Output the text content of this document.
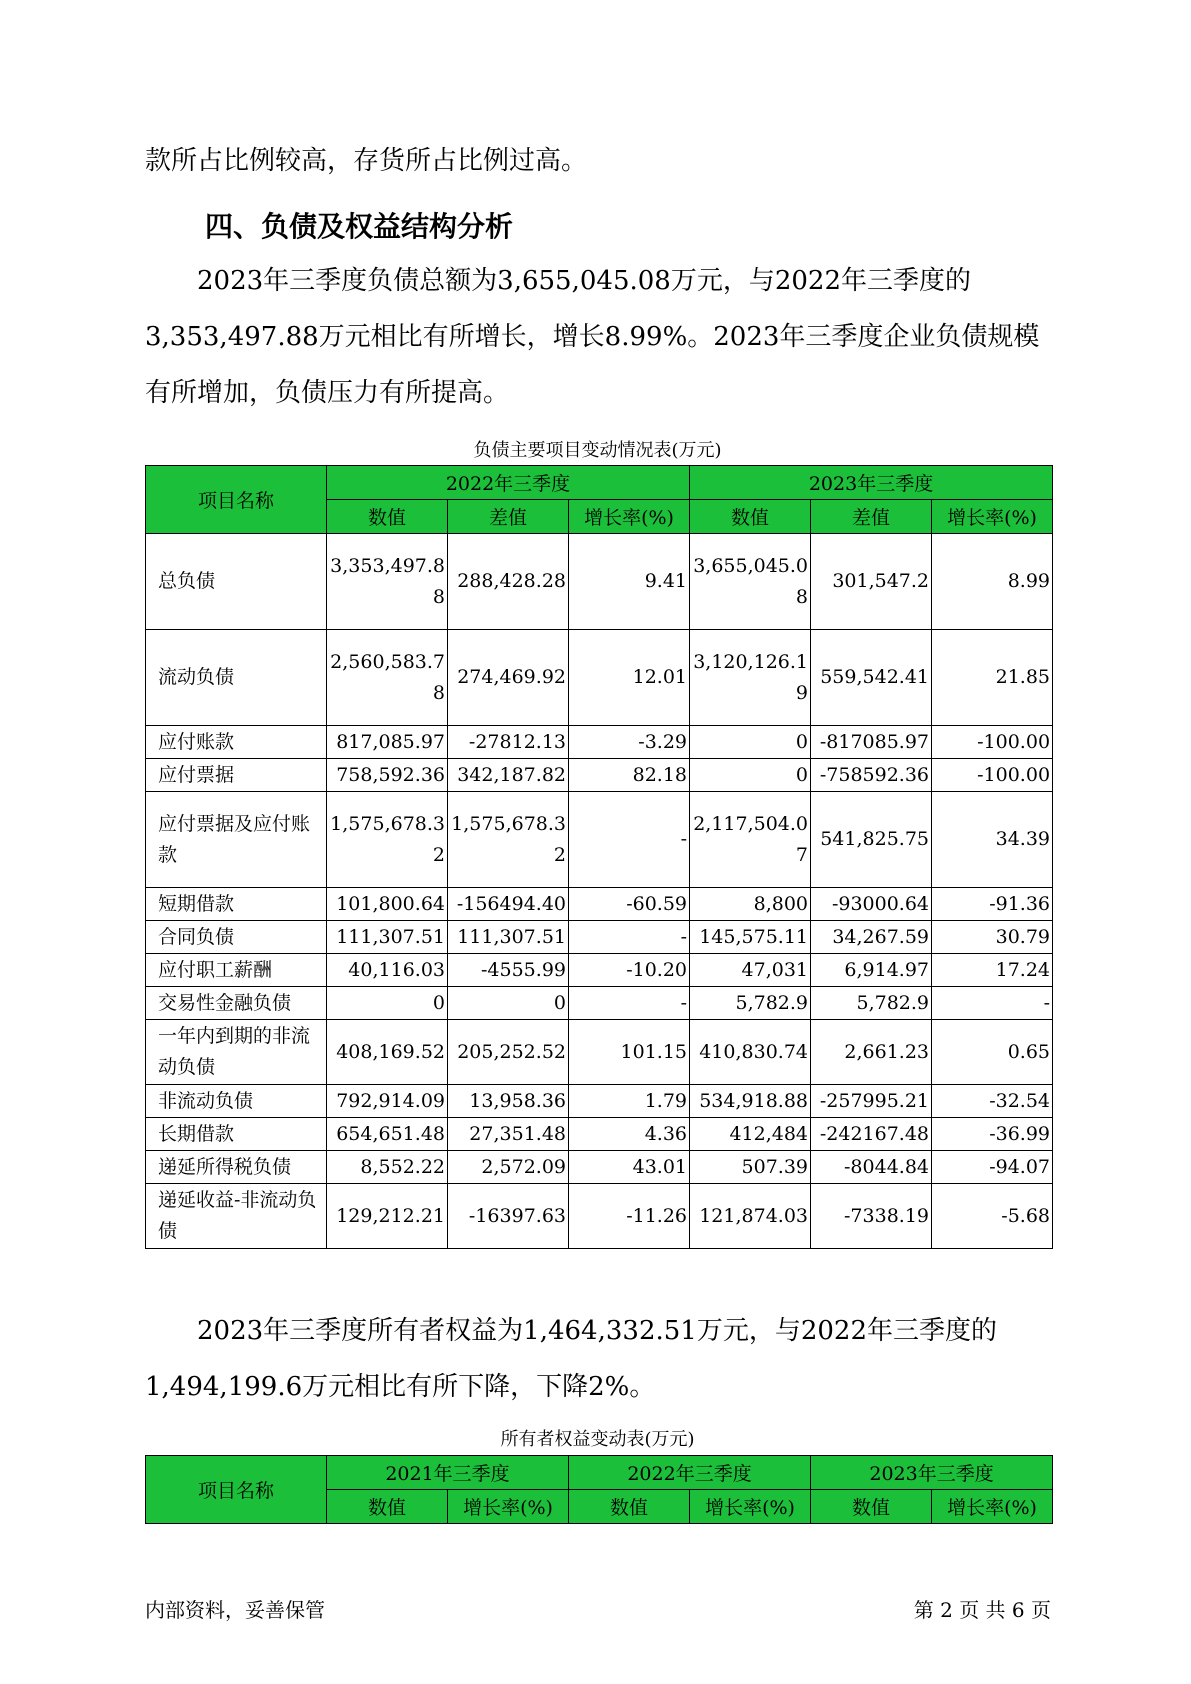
款所占比例较高，存货所占比例过高。

四、负债及权益结构分析

2023年三季度负债总额为3,655,045.08万元，与2022年三季度的3,353,497.88万元相比有所增长，增长8.99%。2023年三季度企业负债规模有所增加，负债压力有所提高。

负债主要项目变动情况表(万元)

项目名称	2022年三季度			2023年三季度		
	数值	差值	增长率(%)	数值	差值	增长率(%)
总负债	3,353,497.88	288,428.28	9.41	3,655,045.08	301,547.2	8.99
流动负债	2,560,583.78	274,469.92	12.01	3,120,126.19	559,542.41	21.85
应付账款	817,085.97	-27812.13	-3.29	0	-817085.97	-100.00
应付票据	758,592.36	342,187.82	82.18	0	-758592.36	-100.00
应付票据及应付账款	1,575,678.32	1,575,678.32	-	2,117,504.07	541,825.75	34.39
短期借款	101,800.64	-156494.40	-60.59	8,800	-93000.64	-91.36
合同负债	111,307.51	111,307.51	-	145,575.11	34,267.59	30.79
应付职工薪酬	40,116.03	-4555.99	-10.20	47,031	6,914.97	17.24
交易性金融负债	0	0	-	5,782.9	5,782.9	-
一年内到期的非流动负债	408,169.52	205,252.52	101.15	410,830.74	2,661.23	0.65
非流动负债	792,914.09	13,958.36	1.79	534,918.88	-257995.21	-32.54
长期借款	654,651.48	27,351.48	4.36	412,484	-242167.48	-36.99
递延所得税负债	8,552.22	2,572.09	43.01	507.39	-8044.84	-94.07
递延收益-非流动负债	129,212.21	-16397.63	-11.26	121,874.03	-7338.19	-5.68

2023年三季度所有者权益为1,464,332.51万元，与2022年三季度的1,494,199.6万元相比有所下降，下降2%。

所有者权益变动表(万元)

项目名称	2021年三季度		2022年三季度		2023年三季度	
	数值	增长率(%)	数值	增长率(%)	数值	增长率(%)

内部资料，妥善保管	第 2 页 共 6 页
